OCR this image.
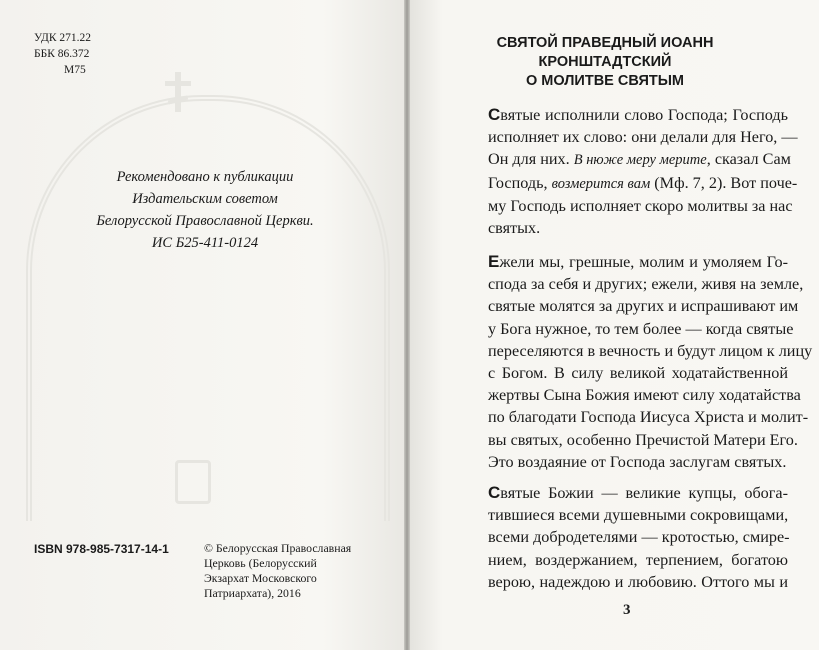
УДК 271.22
ББК 86.372
М75
Рекомендовано к публикации
Издательским советом
Белорусской Православной Церкви.
ИС Б25-411-0124
ISBN 978-985-7317-14-1	© Белорусская Православная
Церковь (Белорусский
Экзархат Московского
Патриархата), 2016
СВЯТОЙ ПРАВЕДНЫЙ ИОАНН
КРОНШТАДТСКИЙ
О МОЛИТВЕ СВЯТЫМ
Святые исполнили слово Господа; Господь
исполняет их слово: они делали для Него, —
Он для них. В нюже меру мерите, сказал Сам
Господь, возмерится вам (Мф. 7, 2). Вот поче-
му Господь исполняет скоро молитвы за нас
святых.
Ежели мы, грешные, молим и умоляем Го-
спода за себя и других; ежели, живя на земле,
святые молятся за других и испрашивают им
у Бога нужное, то тем более — когда святые
переселяются в вечность и будут лицом к лицу
с Богом. В силу великой ходатайственной
жертвы Сына Божия имеют силу ходатайства
по благодати Господа Иисуса Христа и молит-
вы святых, особенно Пречистой Матери Его.
Это воздаяние от Господа заслугам святых.
Святые Божии — великие купцы, обога-
тившиеся всеми душевными сокровищами,
всеми добродетелями — кротостью, смире-
нием, воздержанием, терпением, богатою
верою, надеждою и любовию. Оттого мы и
3
